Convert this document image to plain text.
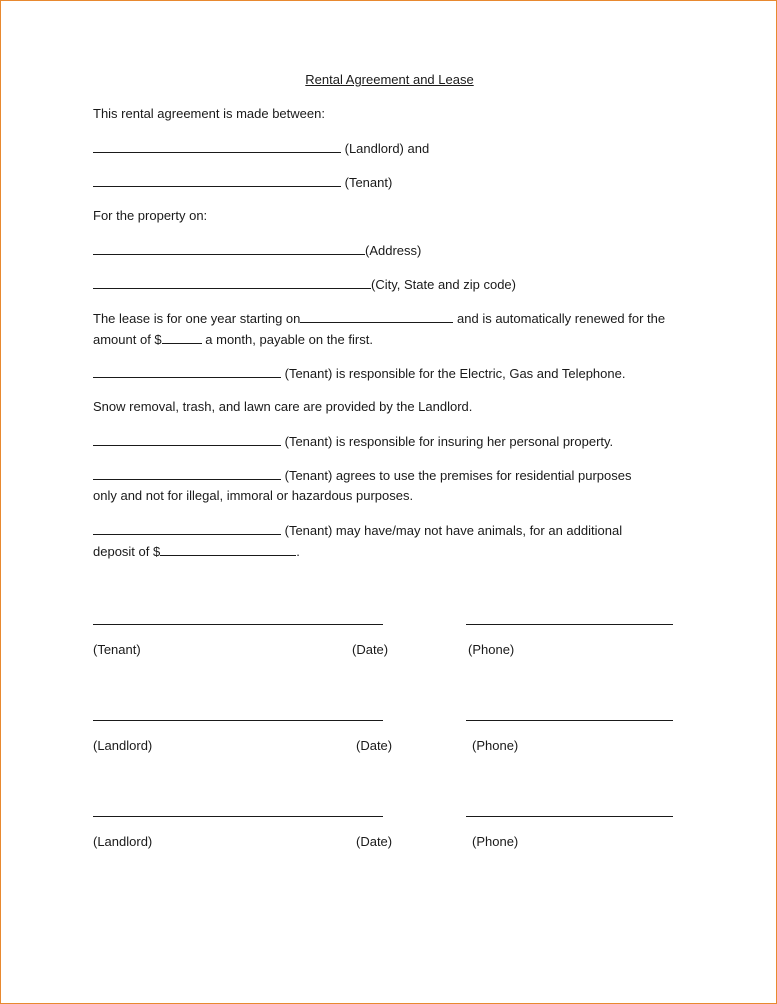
Rental Agreement and Lease
This rental agreement is made between:
(Landlord) and
(Tenant)
For the property on:
(Address)
(City, State and zip code)
The lease is for one year starting on	and is automatically renewed for the
amount of $	a month, payable on the first.
(Tenant) is responsible for the Electric, Gas and Telephone.
Snow removal, trash, and lawn care are provided by the Landlord.
(Tenant) is responsible for insuring her personal property.
(Tenant) agrees to use the premises for residential purposes
only and not for illegal, immoral or hazardous purposes.
(Tenant) may have/may not have animals, for an additional
deposit of $	.
(Tenant)	(Date)	(Phone)
(Landlord)	(Date)	(Phone)
(Landlord)	(Date)	(Phone)
